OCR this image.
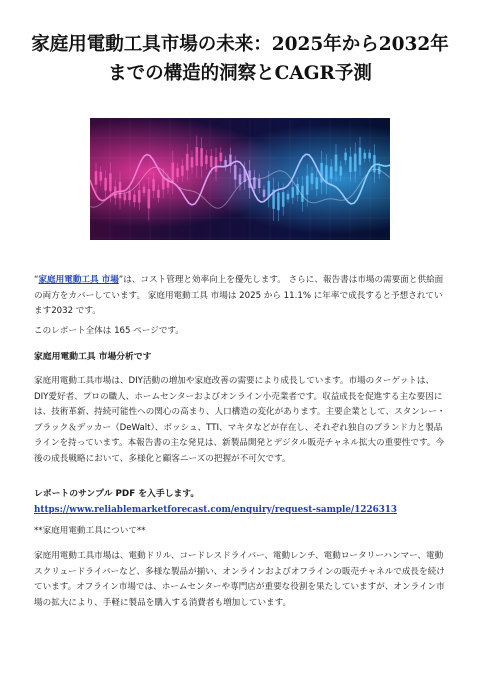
家庭用電動工具市場の未来：2025年から2032年
までの構造的洞察とCAGR予測

“家庭用電動工具 市場”は、コスト管理と効率向上を優先します。 さらに、報告書は市場の需要面と供給面の両方をカバーしています。 家庭用電動工具 市場は 2025 から 11.1% に年率で成長すると予想されています2032 です。

このレポート全体は 165 ページです。

家庭用電動工具 市場分析です

家庭用電動工具市場は、DIY活動の増加や家庭改善の需要により成長しています。市場のターゲットは、DIY愛好者、プロの職人、ホームセンターおよびオンライン小売業者です。収益成長を促進する主な要因には、技術革新、持続可能性への関心の高まり、人口構造の変化があります。主要企業として、スタンレー・ブラック＆デッカー（DeWalt）、ボッシュ、TTI、マキタなどが存在し、それぞれ独自のブランド力と製品ラインを持っています。本報告書の主な発見は、新製品開発とデジタル販売チャネル拡大の重要性です。今後の成長戦略において、多様化と顧客ニーズの把握が不可欠です。

レポートのサンプル PDF を入手します。 https://www.reliablemarketforecast.com/enquiry/request-sample/1226313

**家庭用電動工具について**

家庭用電動工具市場は、電動ドリル、コードレスドライバー、電動レンチ、電動ロータリーハンマー、電動スクリュードライバーなど、多様な製品が揃い、オンラインおよびオフラインの販売チャネルで成長を続けています。オフライン市場では、ホームセンターや専門店が重要な役割を果たしていますが、オンライン市場の拡大により、手軽に製品を購入する消費者も増加しています。
